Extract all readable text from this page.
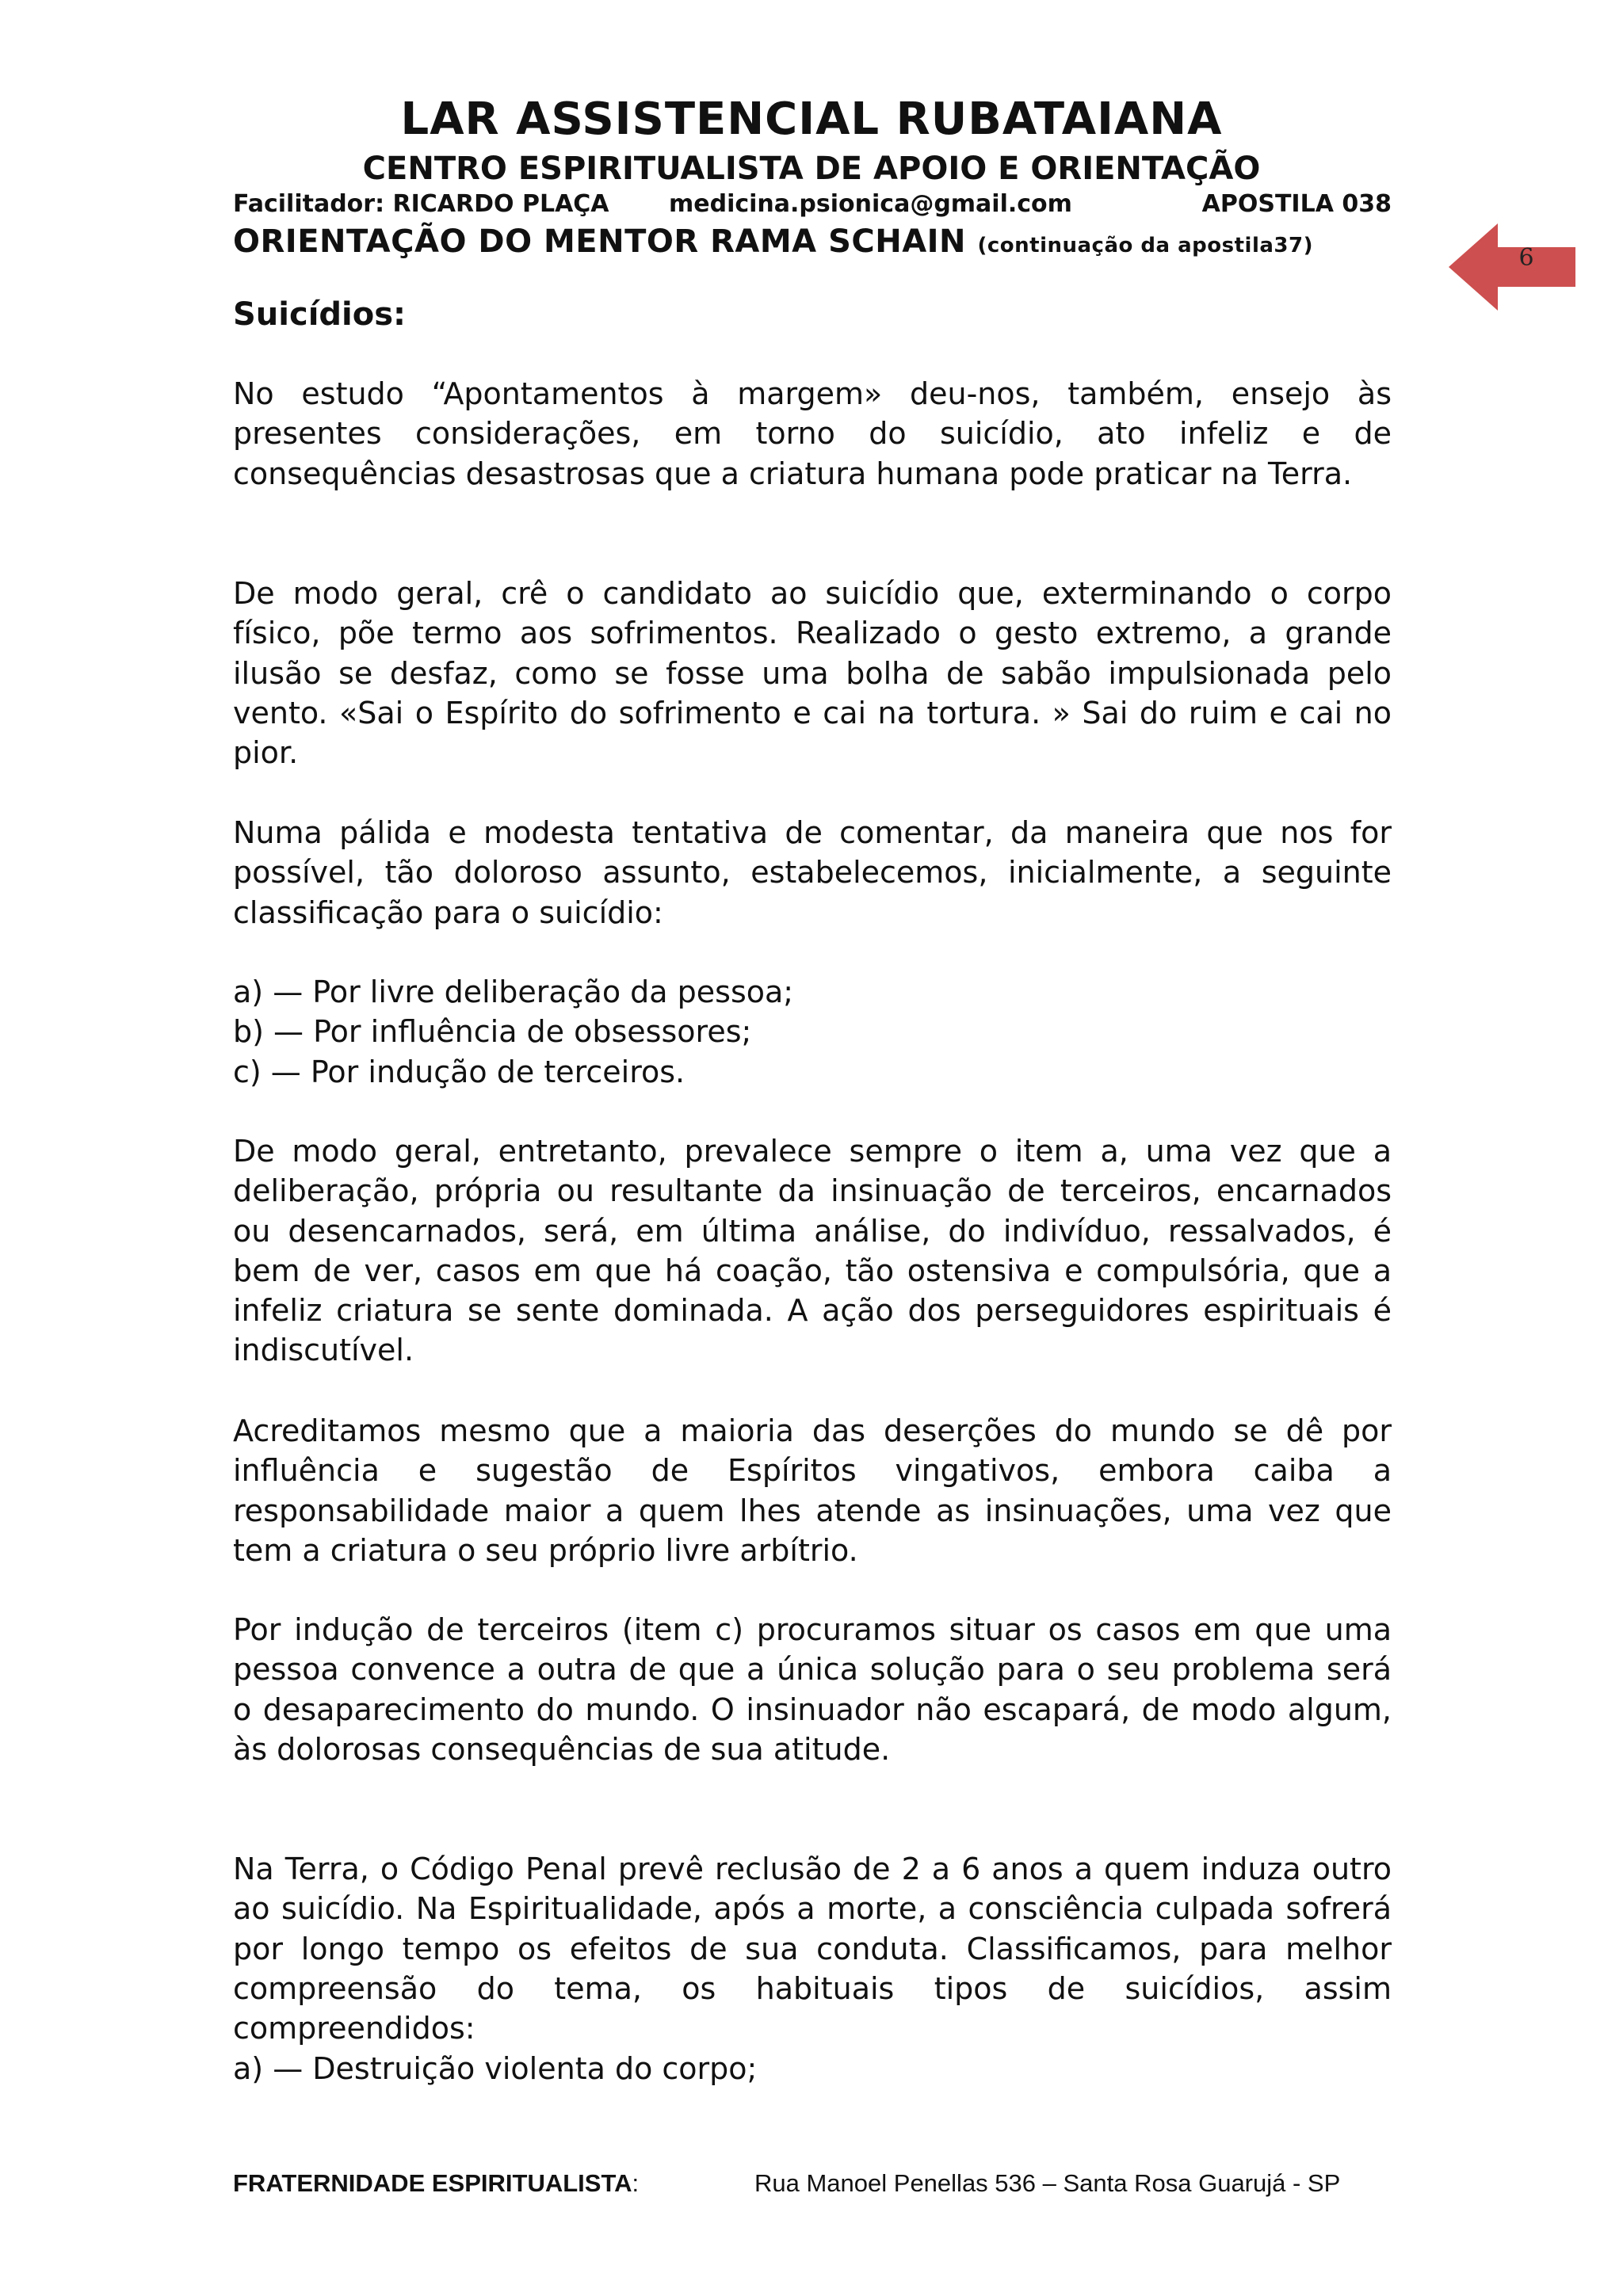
LAR ASSISTENCIAL RUBATAIANA
CENTRO ESPIRITUALISTA DE APOIO E ORIENTAÇÃO
Facilitador: RICARDO PLAÇA	medicina.psionica@gmail.com	APOSTILA 038
ORIENTAÇÃO DO MENTOR RAMA SCHAIN (continuação da apostila37)	6
Suicídios:
No estudo “Apontamentos à margem» deu-nos, também, ensejo às presentes considerações, em torno do suicídio, ato infeliz e de consequências desastrosas que a criatura humana pode praticar na Terra.
De modo geral, crê o candidato ao suicídio que, exterminando o corpo físico, põe termo aos sofrimentos. Realizado o gesto extremo, a grande ilusão se desfaz, como se fosse uma bolha de sabão impulsionada pelo vento. «Sai o Espírito do sofrimento e cai na tortura. » Sai do ruim e cai no pior.
Numa pálida e modesta tentativa de comentar, da maneira que nos for possível, tão doloroso assunto, estabelecemos, inicialmente, a seguinte classificação para o suicídio:
a) — Por livre deliberação da pessoa;
b) — Por influência de obsessores;
c) — Por indução de terceiros.
De modo geral, entretanto, prevalece sempre o item a, uma vez que a deliberação, própria ou resultante da insinuação de terceiros, encarnados ou desencarnados, será, em última análise, do indivíduo, ressalvados, é bem de ver, casos em que há coação, tão ostensiva e compulsória, que a infeliz criatura se sente dominada. A ação dos perseguidores espirituais é indiscutível.
Acreditamos mesmo que a maioria das deserções do mundo se dê por influência e sugestão de Espíritos vingativos, embora caiba a responsabilidade maior a quem lhes atende as insinuações, uma vez que tem a criatura o seu próprio livre arbítrio.
Por indução de terceiros (item c) procuramos situar os casos em que uma pessoa convence a outra de que a única solução para o seu problema será o desaparecimento do mundo. O insinuador não escapará, de modo algum, às dolorosas consequências de sua atitude.
Na Terra, o Código Penal prevê reclusão de 2 a 6 anos a quem induza outro ao suicídio. Na Espiritualidade, após a morte, a consciência culpada sofrerá por longo tempo os efeitos de sua conduta. Classificamos, para melhor compreensão do tema, os habituais tipos de suicídios, assim compreendidos:
a) — Destruição violenta do corpo;
FRATERNIDADE ESPIRITUALISTA:	Rua Manoel Penellas 536 – Santa Rosa Guarujá - SP
